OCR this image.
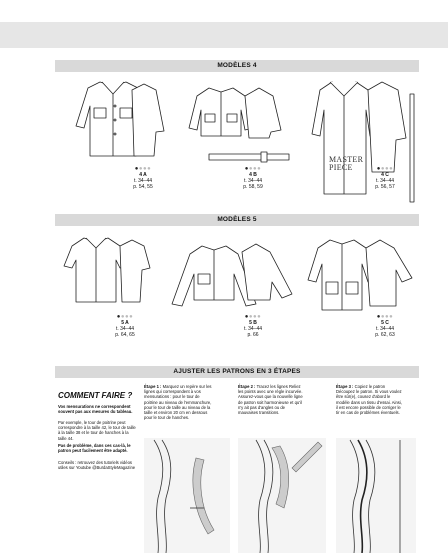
MODÈLES 4
●●●●
4 A
t. 34–44
p. 54, 55
●●●●
4 B
t. 34–44
p. 58, 59
MASTER
PIECE	●●●●
4 C
t. 34–44
p. 56, 57
MODÈLES 5
●●●●
5 A
t. 34–44
p. 64, 65
●●●●
5 B
t. 34–44
p. 66
●●●●
5 C
t. 34–44
p. 62, 63
AJUSTER LES PATRONS EN 3 ÉTAPES
COMMENT FAIRE ?
Vos mensurations ne correspondent souvent pas aux mesures du tableau.
Par exemple, le tour de poitrine peut correspondre à la taille 42, le tour de taille à la taille 38 et le tour de hanches à la taille 44.
Pas de problème, dans ces cas-là, le patron peut facilement être adapté.
Conseils : retrouvez des tutoriels vidéos utiles sur Youtube @BurdaStyleMagazine
Étape 1 : Marquez un repère sur les lignes qui correspondent à vos mensurations : pour le tour de poitrine au niveau de l'emmanchure, pour le tour de taille au niveau de la taille et environ 20 cm en dessous pour le tour de hanches.
Étape 2 : Tracez les lignes Reliez les points avec une règle incurvée. Assurez-vous que la nouvelle ligne de patron soit harmonieuse et qu'il n'y ait pas d'angles ou de mauvaises transitions.
Étape 3 : Copiez le patron Découpez le patron. Si vous voulez être sûr(e), cousez d'abord le modèle dans un tissu d'essai. Ainsi, il est encore possible de corriger le tir en cas de problèmes éventuels.
